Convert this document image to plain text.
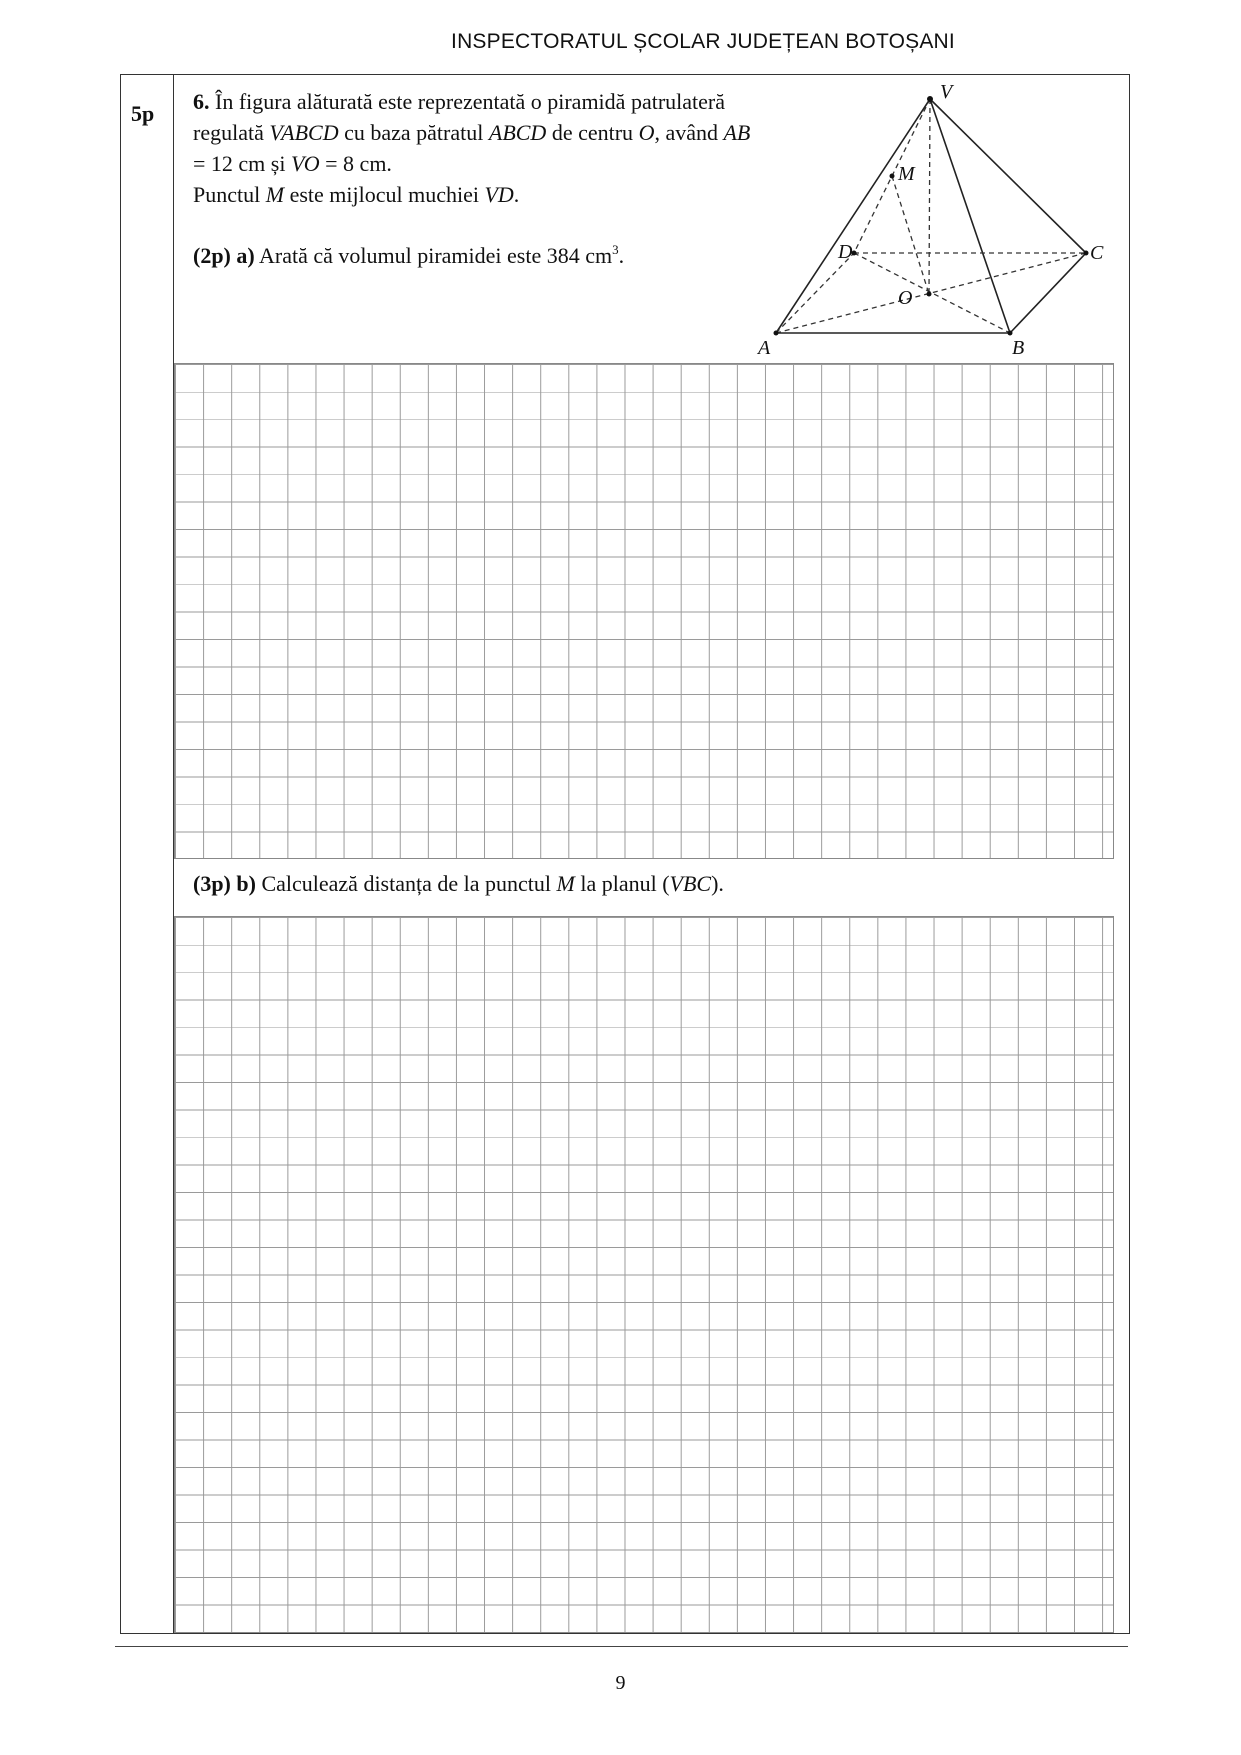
INSPECTORATUL ȘCOLAR JUDEȚEAN BOTOȘANI
5p 6. În figura alăturată este reprezentată o piramidă patrulateră regulată VABCD cu baza pătratul ABCD de centru O, având AB = 12 cm și VO = 8 cm.
Punctul M este mijlocul muchiei VD.
(2p) a) Arată că volumul piramidei este 384 $cm^3$.
(3p) b) Calculează distanța de la punctul M la planul (VBC).
V
M
D	C
O
A	B
9
